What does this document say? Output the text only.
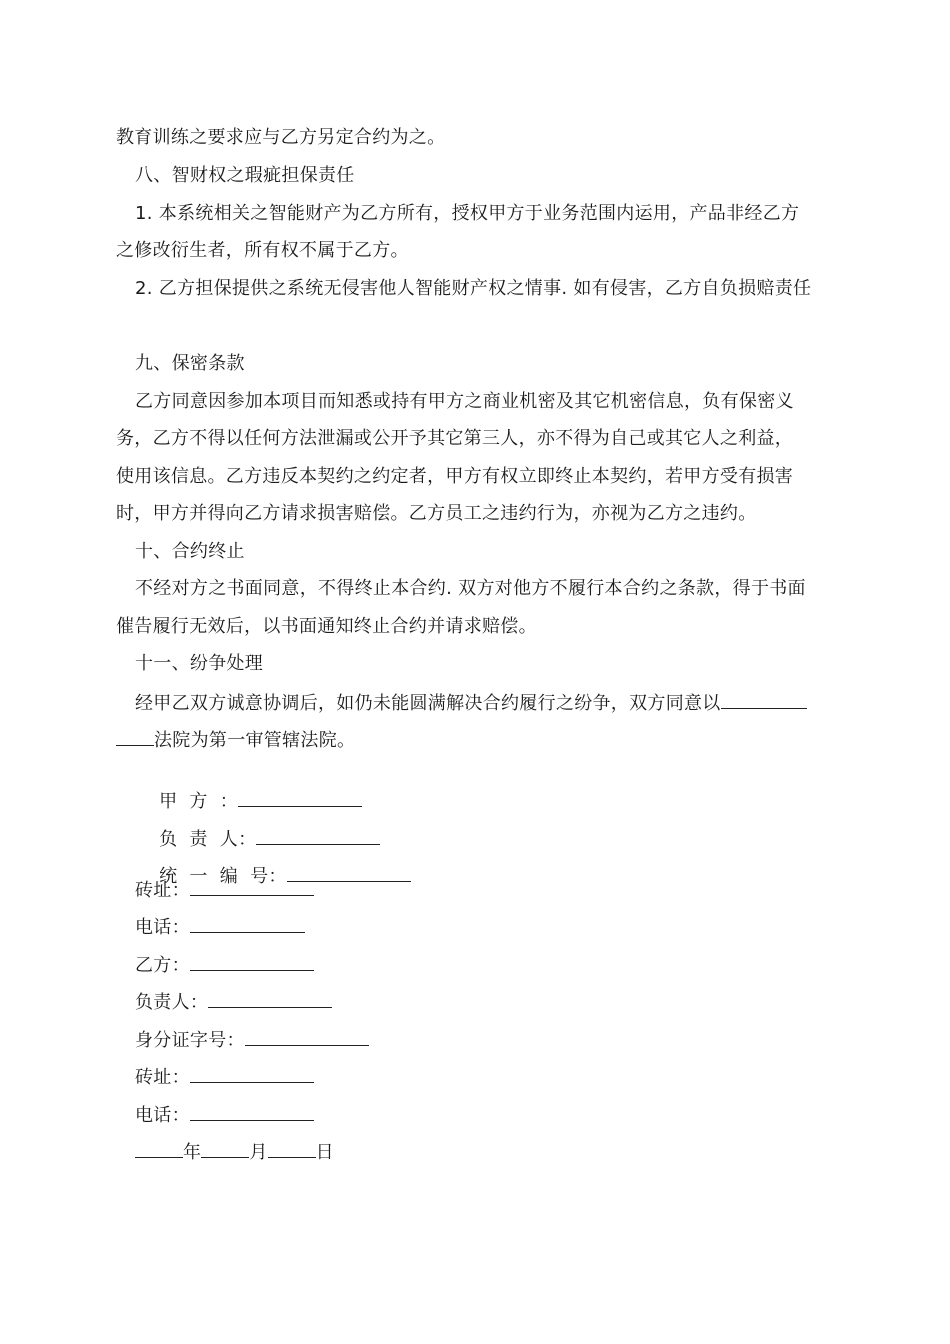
教育训练之要求应与乙方另定合约为之。
八、智财权之瑕疵担保责任
1. 本系统相关之智能财产为乙方所有，授权甲方于业务范围内运用，产品非经乙方
之修改衍生者，所有权不属于乙方。
2. 乙方担保提供之系统无侵害他人智能财产权之情事. 如有侵害，乙方自负损赔责任
九、保密条款
乙方同意因参加本项目而知悉或持有甲方之商业机密及其它机密信息，负有保密义
务，乙方不得以任何方法泄漏或公开予其它第三人，亦不得为自己或其它人之利益，
使用该信息。乙方违反本契约之约定者，甲方有权立即终止本契约，若甲方受有损害
时，甲方并得向乙方请求损害赔偿。乙方员工之违约行为，亦视为乙方之违约。
十、合约终止
不经对方之书面同意，不得终止本合约. 双方对他方不履行本合约之条款，得于书面
催告履行无效后，以书面通知终止合约并请求赔偿。
十一、纷争处理
经甲乙双方诚意协调后，如仍未能圆满解决合约履行之纷争，双方同意以
法院为第一审管辖法院。

甲  方  ：

负  责  人：

统  一  编  号：

砖址：
电话：
乙方：
负责人：
身分证字号：
砖址：
电话：
年	月	日
